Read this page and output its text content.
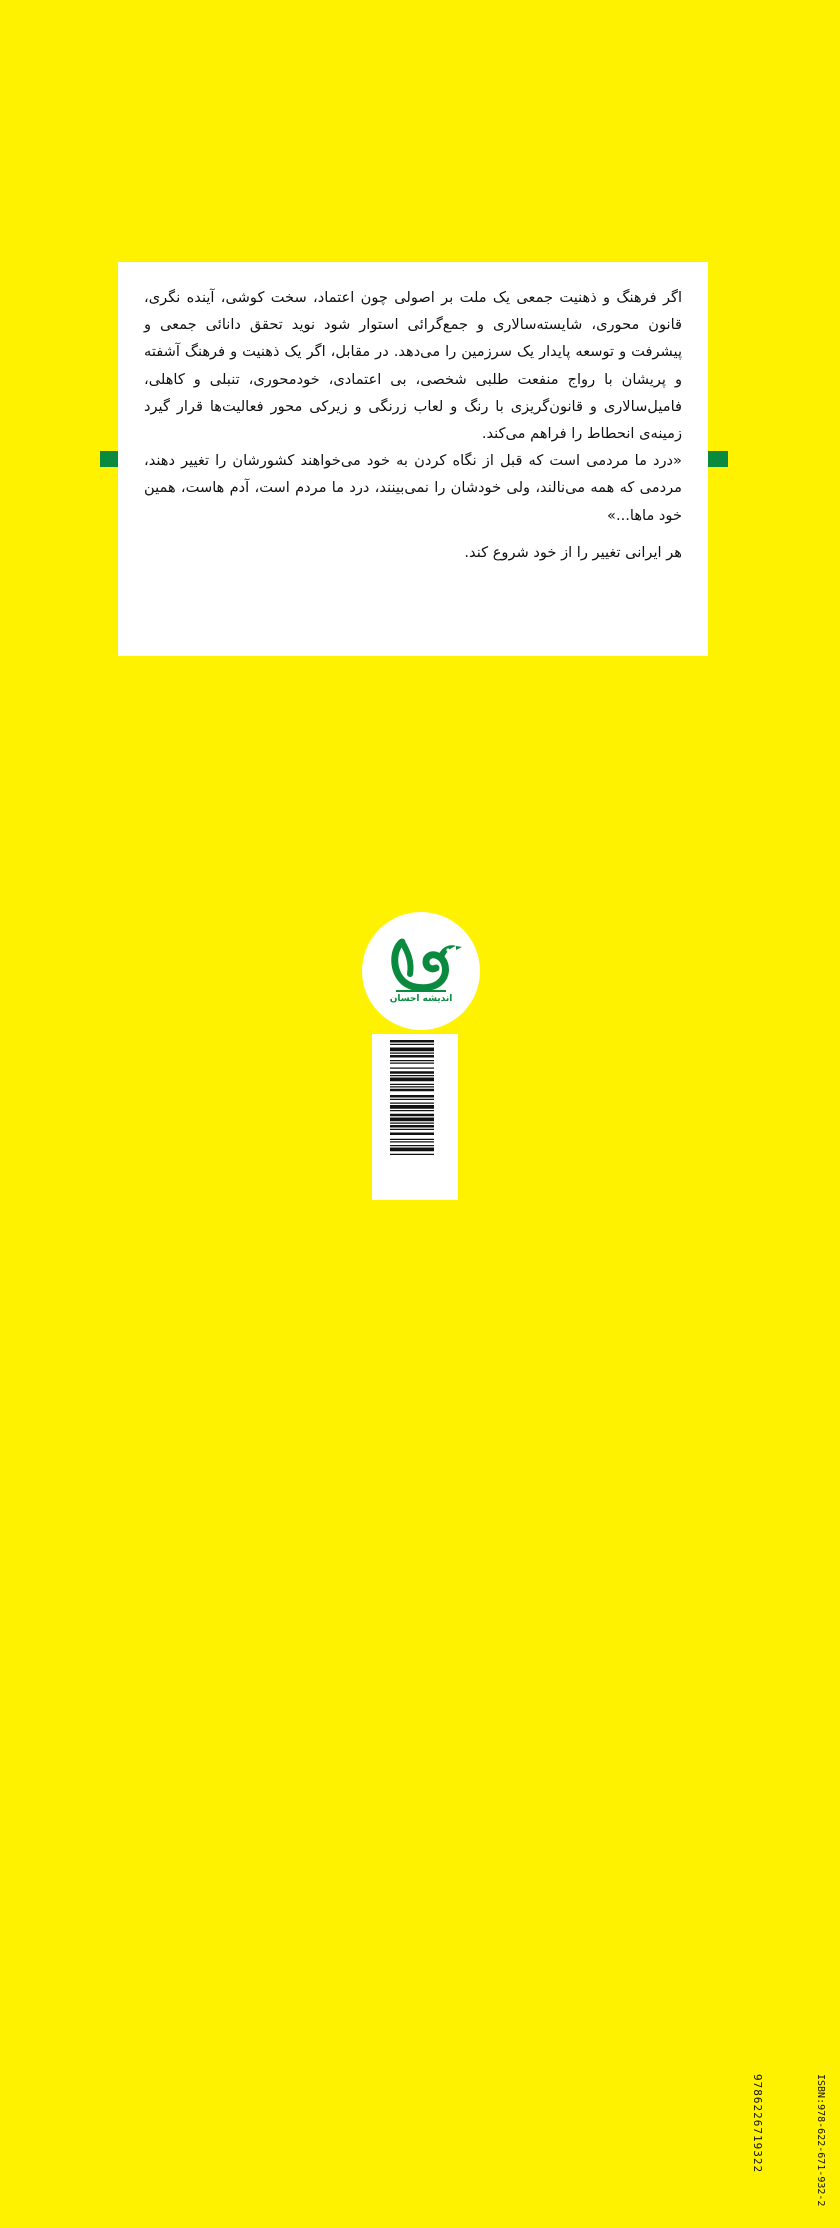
اگر فرهنگ و ذهنیت جمعی یک ملت بر اصولی چون اعتماد، سخت کوشی، آینده نگری، قانون محوری، شایسته‌سالاری و جمع‌گرائی استوار شود نوید تحقق دانائی جمعی و پیشرفت و توسعه پایدار یک سرزمین را می‌دهد. در مقابل، اگر یک ذهنیت و فرهنگ آشفته و پریشان با رواج منفعت طلبی شخصی، بی اعتمادی، خودمحوری، تنبلی و کاهلی، فامیل‌سالاری و قانون‌گریزی با رنگ و لعاب زرنگی و زیرکی محور فعالیت‌ها قرار گیرد زمینه‌ی انحطاط را فراهم می‌کند.

«درد ما مردمی است که قبل از نگاه کردن به خود می‌خواهند کشورشان را تغییر دهند، مردمی که همه می‌نالند، ولی خودشان را نمی‌بینند، درد ما مردم است، آدم هاست، همین خود ماها...»

هر ایرانی تغییر را از خود شروع کند.

اندیشه احسان
9786226719322	ISBN:978-622-671-932-2
